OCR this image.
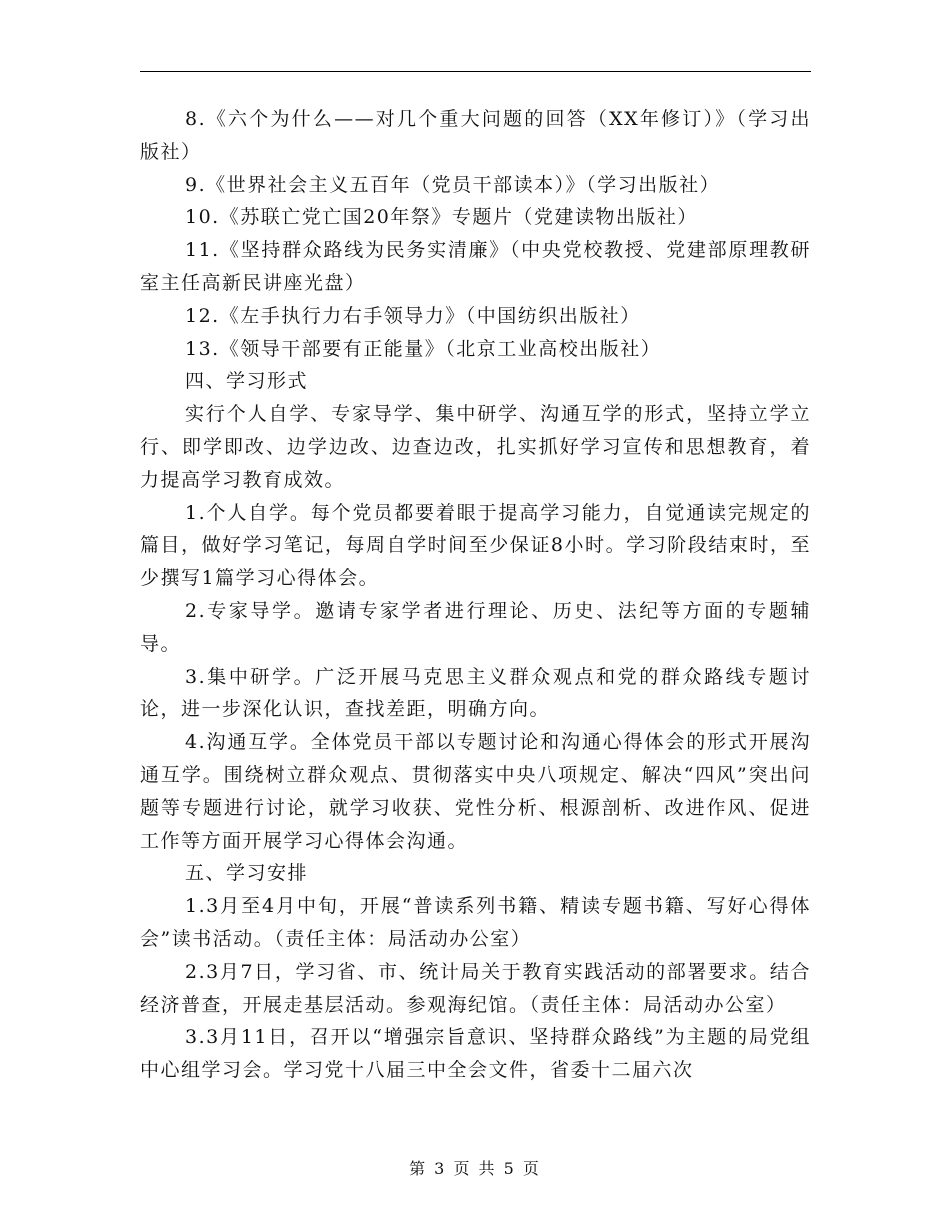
8.《六个为什么——对几个重大问题的回答（XX年修订）》（学习出版社）

9.《世界社会主义五百年（党员干部读本）》（学习出版社）

10.《苏联亡党亡国20年祭》专题片（党建读物出版社）

11.《坚持群众路线为民务实清廉》（中央党校教授、党建部原理教研室主任高新民讲座光盘）

12.《左手执行力右手领导力》（中国纺织出版社）

13.《领导干部要有正能量》（北京工业高校出版社）

四、学习形式

实行个人自学、专家导学、集中研学、沟通互学的形式，坚持立学立行、即学即改、边学边改、边查边改，扎实抓好学习宣传和思想教育，着力提高学习教育成效。

1.个人自学。每个党员都要着眼于提高学习能力，自觉通读完规定的篇目，做好学习笔记，每周自学时间至少保证8小时。学习阶段结束时，至少撰写1篇学习心得体会。

2.专家导学。邀请专家学者进行理论、历史、法纪等方面的专题辅导。

3.集中研学。广泛开展马克思主义群众观点和党的群众路线专题讨论，进一步深化认识，查找差距，明确方向。

4.沟通互学。全体党员干部以专题讨论和沟通心得体会的形式开展沟通互学。围绕树立群众观点、贯彻落实中央八项规定、解决“四风”突出问题等专题进行讨论，就学习收获、党性分析、根源剖析、改进作风、促进工作等方面开展学习心得体会沟通。

五、学习安排

1.3月至4月中旬，开展“普读系列书籍、精读专题书籍、写好心得体会”读书活动。（责任主体：局活动办公室）

2.3月7日，学习省、市、统计局关于教育实践活动的部署要求。结合经济普查，开展走基层活动。参观海纪馆。（责任主体：局活动办公室）

3.3月11日，召开以“增强宗旨意识、坚持群众路线”为主题的局党组中心组学习会。学习党十八届三中全会文件，省委十二届六次

第 3 页 共 5 页
